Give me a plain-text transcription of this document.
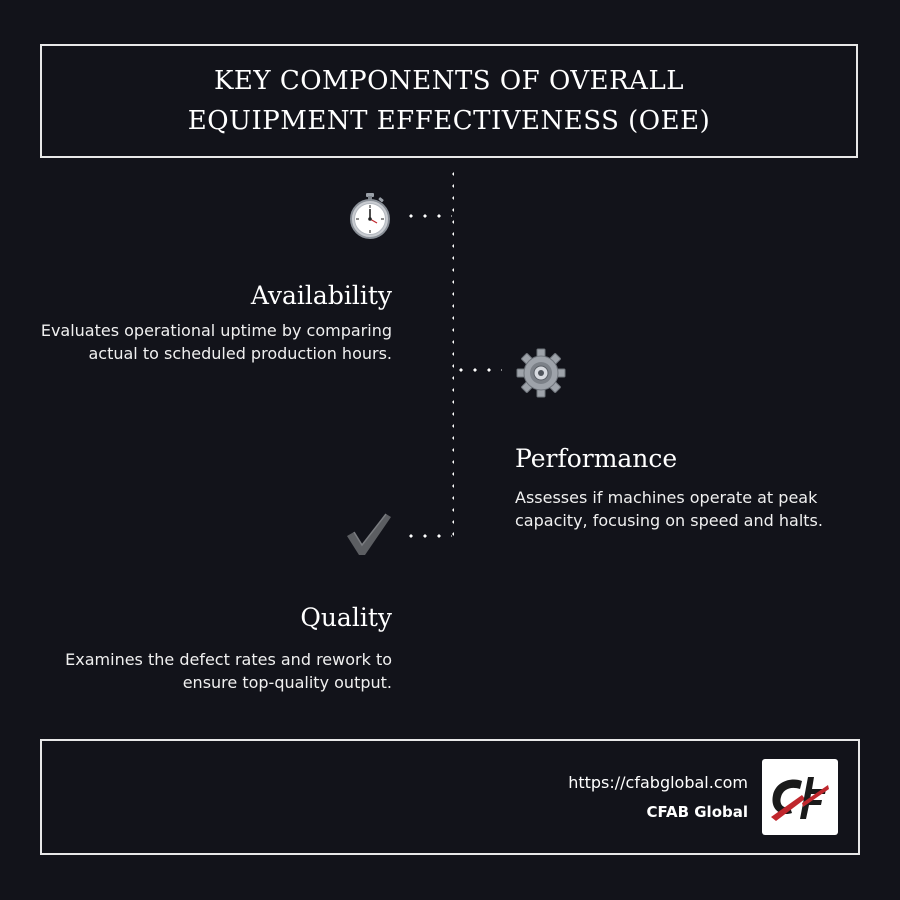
KEY COMPONENTS OF OVERALL EQUIPMENT EFFECTIVENESS (OEE)
Availability
Evaluates operational uptime by comparing actual to scheduled production hours.
Performance
Assesses if machines operate at peak capacity, focusing on speed and halts.
Quality
Examines the defect rates and rework to ensure top-quality output.
https://cfabglobal.com
CFAB Global
